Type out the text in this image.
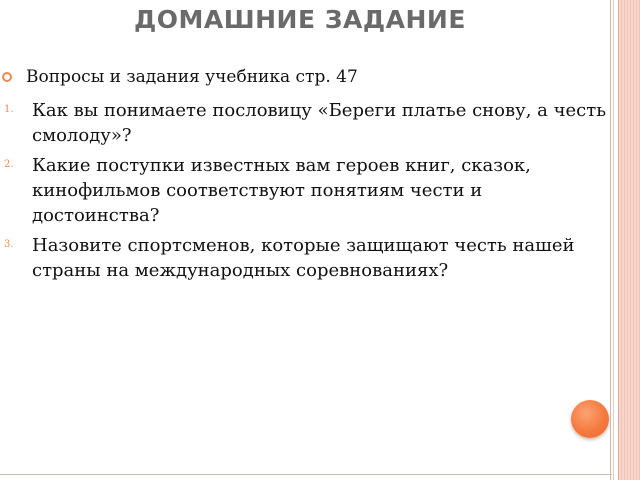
ДОМАШНИЕ ЗАДАНИЕ
Вопросы и задания учебника стр. 47
1. Как вы понимаете пословицу «Береги платье снову, а честь смолоду»?
2. Какие поступки известных вам героев книг, сказок, кинофильмов соответствуют понятиям чести и достоинства?
3. Назовите спортсменов, которые защищают честь нашей страны на международных соревнованиях?
